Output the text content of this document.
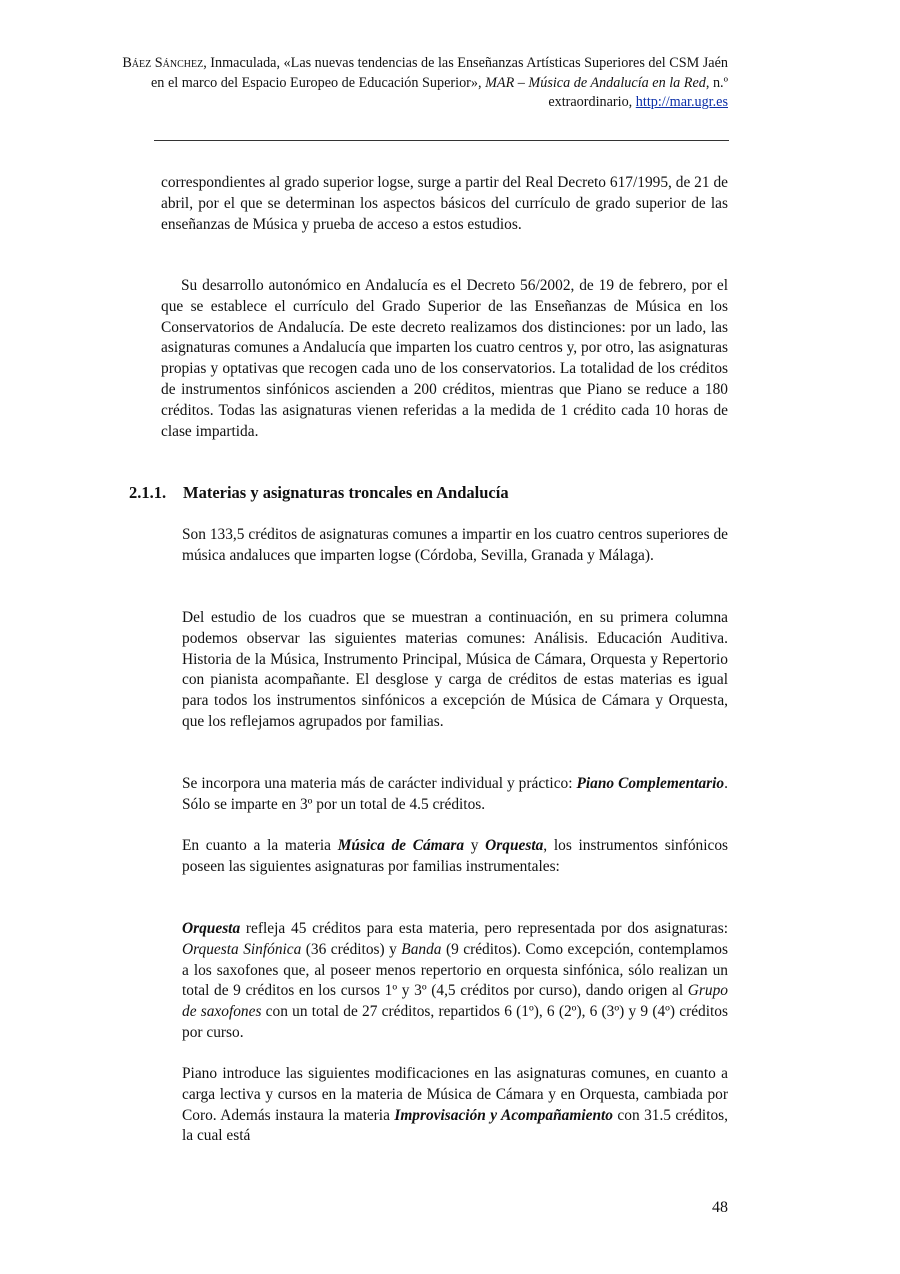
Báez Sánchez, Inmaculada, «Las nuevas tendencias de las Enseñanzas Artísticas Superiores del CSM Jaén en el marco del Espacio Europeo de Educación Superior», MAR – Música de Andalucía en la Red, n.º extraordinario, http://mar.ugr.es
correspondientes al grado superior logse, surge a partir del Real Decreto 617/1995, de 21 de abril, por el que se determinan los aspectos básicos del currículo de grado superior de las enseñanzas de Música y prueba de acceso a estos estudios.
Su desarrollo autonómico en Andalucía es el Decreto 56/2002, de 19 de febrero, por el que se establece el currículo del Grado Superior de las Enseñanzas de Música en los Conservatorios de Andalucía. De este decreto realizamos dos distinciones: por un lado, las asignaturas comunes a Andalucía que imparten los cuatro centros y, por otro, las asignaturas propias y optativas que recogen cada uno de los conservatorios. La totalidad de los créditos de instrumentos sinfónicos ascienden a 200 créditos, mientras que Piano se reduce a 180 créditos. Todas las asignaturas vienen referidas a la medida de 1 crédito cada 10 horas de clase impartida.
2.1.1. Materias y asignaturas troncales en Andalucía
Son 133,5 créditos de asignaturas comunes a impartir en los cuatro centros superiores de música andaluces que imparten logse (Córdoba, Sevilla, Granada y Málaga).
Del estudio de los cuadros que se muestran a continuación, en su primera columna podemos observar las siguientes materias comunes: Análisis. Educación Auditiva. Historia de la Música, Instrumento Principal, Música de Cámara, Orquesta y Repertorio con pianista acompañante. El desglose y carga de créditos de estas materias es igual para todos los instrumentos sinfónicos a excepción de Música de Cámara y Orquesta, que los reflejamos agrupados por familias.
Se incorpora una materia más de carácter individual y práctico: Piano Complementario. Sólo se imparte en 3º por un total de 4.5 créditos.
En cuanto a la materia Música de Cámara y Orquesta, los instrumentos sinfónicos poseen las siguientes asignaturas por familias instrumentales:
Orquesta refleja 45 créditos para esta materia, pero representada por dos asignaturas: Orquesta Sinfónica (36 créditos) y Banda (9 créditos). Como excepción, contemplamos a los saxofones que, al poseer menos repertorio en orquesta sinfónica, sólo realizan un total de 9 créditos en los cursos 1º y 3º (4,5 créditos por curso), dando origen al Grupo de saxofones con un total de 27 créditos, repartidos 6 (1º), 6 (2º), 6 (3º) y 9 (4º) créditos por curso.
Piano introduce las siguientes modificaciones en las asignaturas comunes, en cuanto a carga lectiva y cursos en la materia de Música de Cámara y en Orquesta, cambiada por Coro. Además instaura la materia Improvisación y Acompañamiento con 31.5 créditos, la cual está
48
